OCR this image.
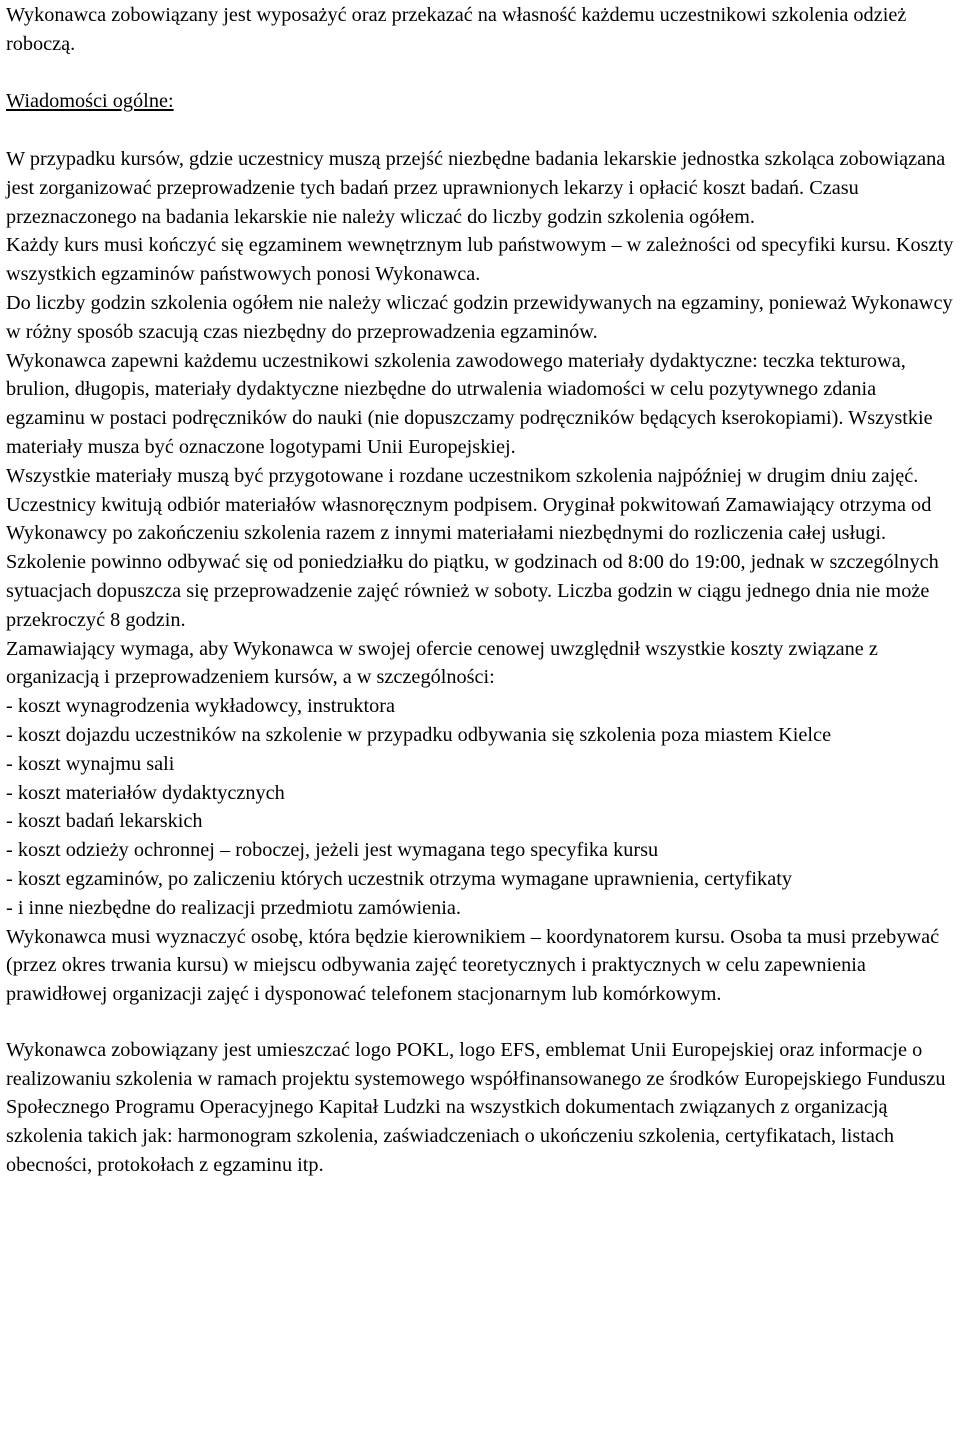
Wykonawca zobowiązany jest wyposażyć oraz przekazać na własność każdemu uczestnikowi szkolenia odzież roboczą.

Wiadomości ogólne:

W przypadku kursów, gdzie uczestnicy muszą przejść niezbędne badania lekarskie jednostka szkoląca zobowiązana jest zorganizować przeprowadzenie tych badań przez uprawnionych lekarzy i opłacić koszt badań. Czasu przeznaczonego na badania lekarskie nie należy wliczać do liczby godzin szkolenia ogółem.

Każdy kurs musi kończyć się egzaminem wewnętrznym lub państwowym – w zależności od specyfiki kursu. Koszty wszystkich egzaminów państwowych ponosi Wykonawca.

Do liczby godzin szkolenia ogółem nie należy wliczać godzin przewidywanych na egzaminy, ponieważ Wykonawcy w różny sposób szacują czas niezbędny do przeprowadzenia egzaminów.

Wykonawca zapewni każdemu uczestnikowi szkolenia zawodowego materiały dydaktyczne: teczka tekturowa, brulion, długopis, materiały dydaktyczne niezbędne do utrwalenia wiadomości w celu pozytywnego zdania egzaminu w postaci podręczników do nauki (nie dopuszczamy podręczników będących kserokopiami). Wszystkie materiały musza być oznaczone logotypami Unii Europejskiej.

Wszystkie materiały muszą być przygotowane i rozdane uczestnikom szkolenia najpóźniej w drugim dniu zajęć.

Uczestnicy kwitują odbiór materiałów własnoręcznym podpisem. Oryginał pokwitowań Zamawiający otrzyma od Wykonawcy po zakończeniu szkolenia razem z innymi materiałami niezbędnymi do rozliczenia całej usługi.

Szkolenie powinno odbywać się od poniedziałku do piątku, w godzinach od 8:00 do 19:00, jednak w szczególnych sytuacjach dopuszcza się przeprowadzenie zajęć również w soboty. Liczba godzin w ciągu jednego dnia nie może przekroczyć 8 godzin.

Zamawiający wymaga, aby Wykonawca w swojej ofercie cenowej uwzględnił wszystkie koszty związane z organizacją i przeprowadzeniem kursów, a w szczególności:

- koszt wynagrodzenia wykładowcy, instruktora

- koszt dojazdu uczestników na szkolenie w przypadku odbywania się szkolenia poza miastem Kielce

- koszt wynajmu sali

- koszt materiałów dydaktycznych

- koszt badań lekarskich

- koszt odzieży ochronnej – roboczej, jeżeli jest wymagana tego specyfika kursu

- koszt egzaminów, po zaliczeniu których uczestnik otrzyma wymagane uprawnienia, certyfikaty

- i inne niezbędne do realizacji przedmiotu zamówienia.

Wykonawca musi wyznaczyć osobę, która będzie kierownikiem – koordynatorem kursu. Osoba ta musi przebywać (przez okres trwania kursu) w miejscu odbywania zajęć teoretycznych i praktycznych w celu zapewnienia prawidłowej organizacji zajęć i dysponować telefonem stacjonarnym lub komórkowym.

Wykonawca zobowiązany jest umieszczać logo POKL, logo EFS, emblemat Unii Europejskiej oraz informacje o realizowaniu szkolenia w ramach projektu systemowego współfinansowanego ze środków Europejskiego Funduszu Społecznego Programu Operacyjnego Kapitał Ludzki na wszystkich dokumentach związanych z organizacją szkolenia takich jak: harmonogram szkolenia, zaświadczeniach o ukończeniu szkolenia, certyfikatach, listach obecności, protokołach z egzaminu itp.
